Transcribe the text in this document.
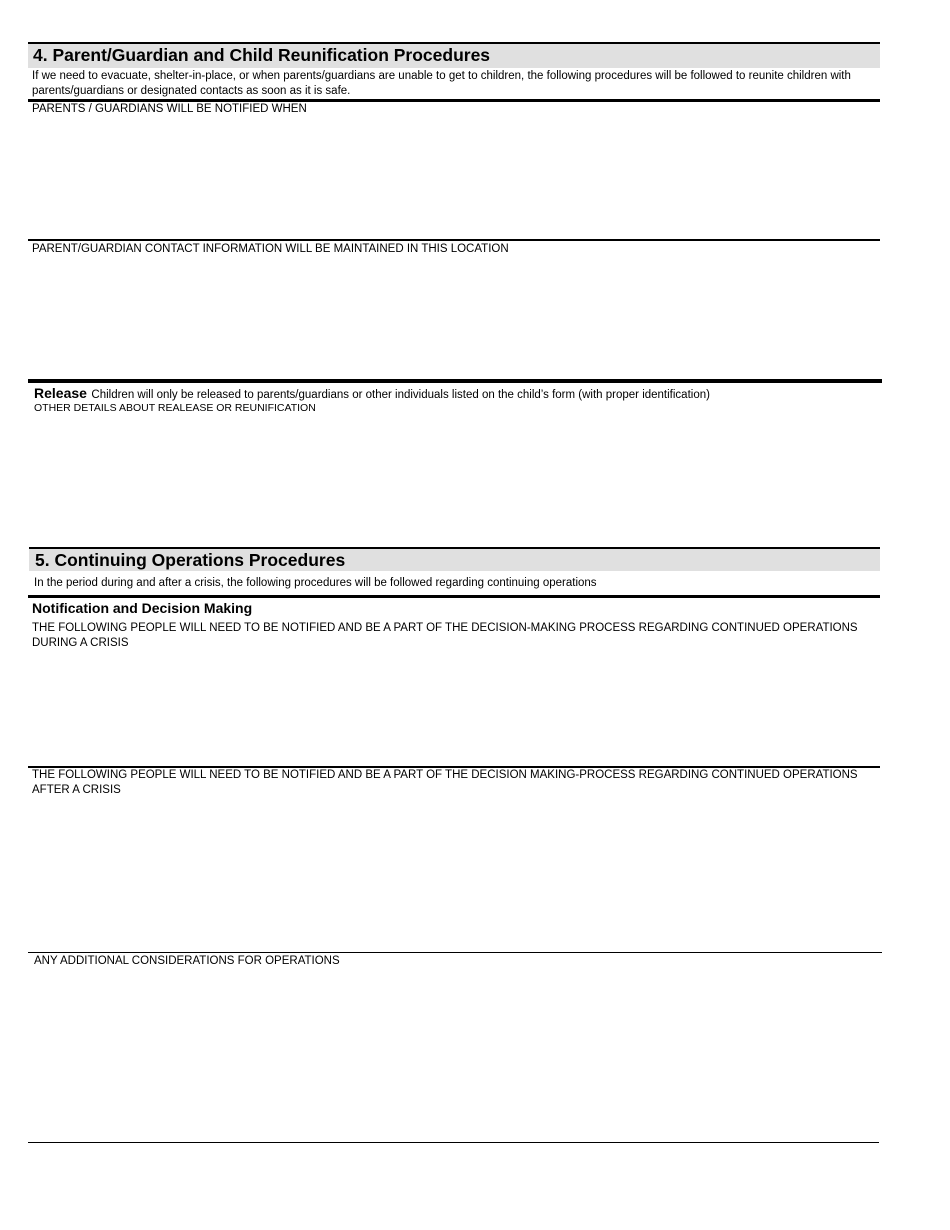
4. Parent/Guardian and Child Reunification Procedures
If we need to evacuate, shelter-in-place, or when parents/guardians are unable to get to children, the following procedures will be followed to reunite children with parents/guardians or designated contacts as soon as it is safe.
PARENTS / GUARDIANS WILL BE NOTIFIED WHEN
PARENT/GUARDIAN CONTACT INFORMATION WILL BE MAINTAINED IN THIS LOCATION
Release Children will only be released to parents/guardians or other individuals listed on the child’s form (with proper identification)
OTHER DETAILS ABOUT REALEASE OR REUNIFICATION
5. Continuing Operations Procedures
In the period during and after a crisis, the following procedures will be followed regarding continuing operations
Notification and Decision Making
THE FOLLOWING PEOPLE WILL NEED TO BE NOTIFIED AND BE A PART OF THE DECISION-MAKING PROCESS REGARDING CONTINUED OPERATIONS DURING A CRISIS
THE FOLLOWING PEOPLE WILL NEED TO BE NOTIFIED AND BE A PART OF THE DECISION MAKING-PROCESS REGARDING CONTINUED OPERATIONS AFTER A CRISIS
ANY ADDITIONAL CONSIDERATIONS FOR OPERATIONS
